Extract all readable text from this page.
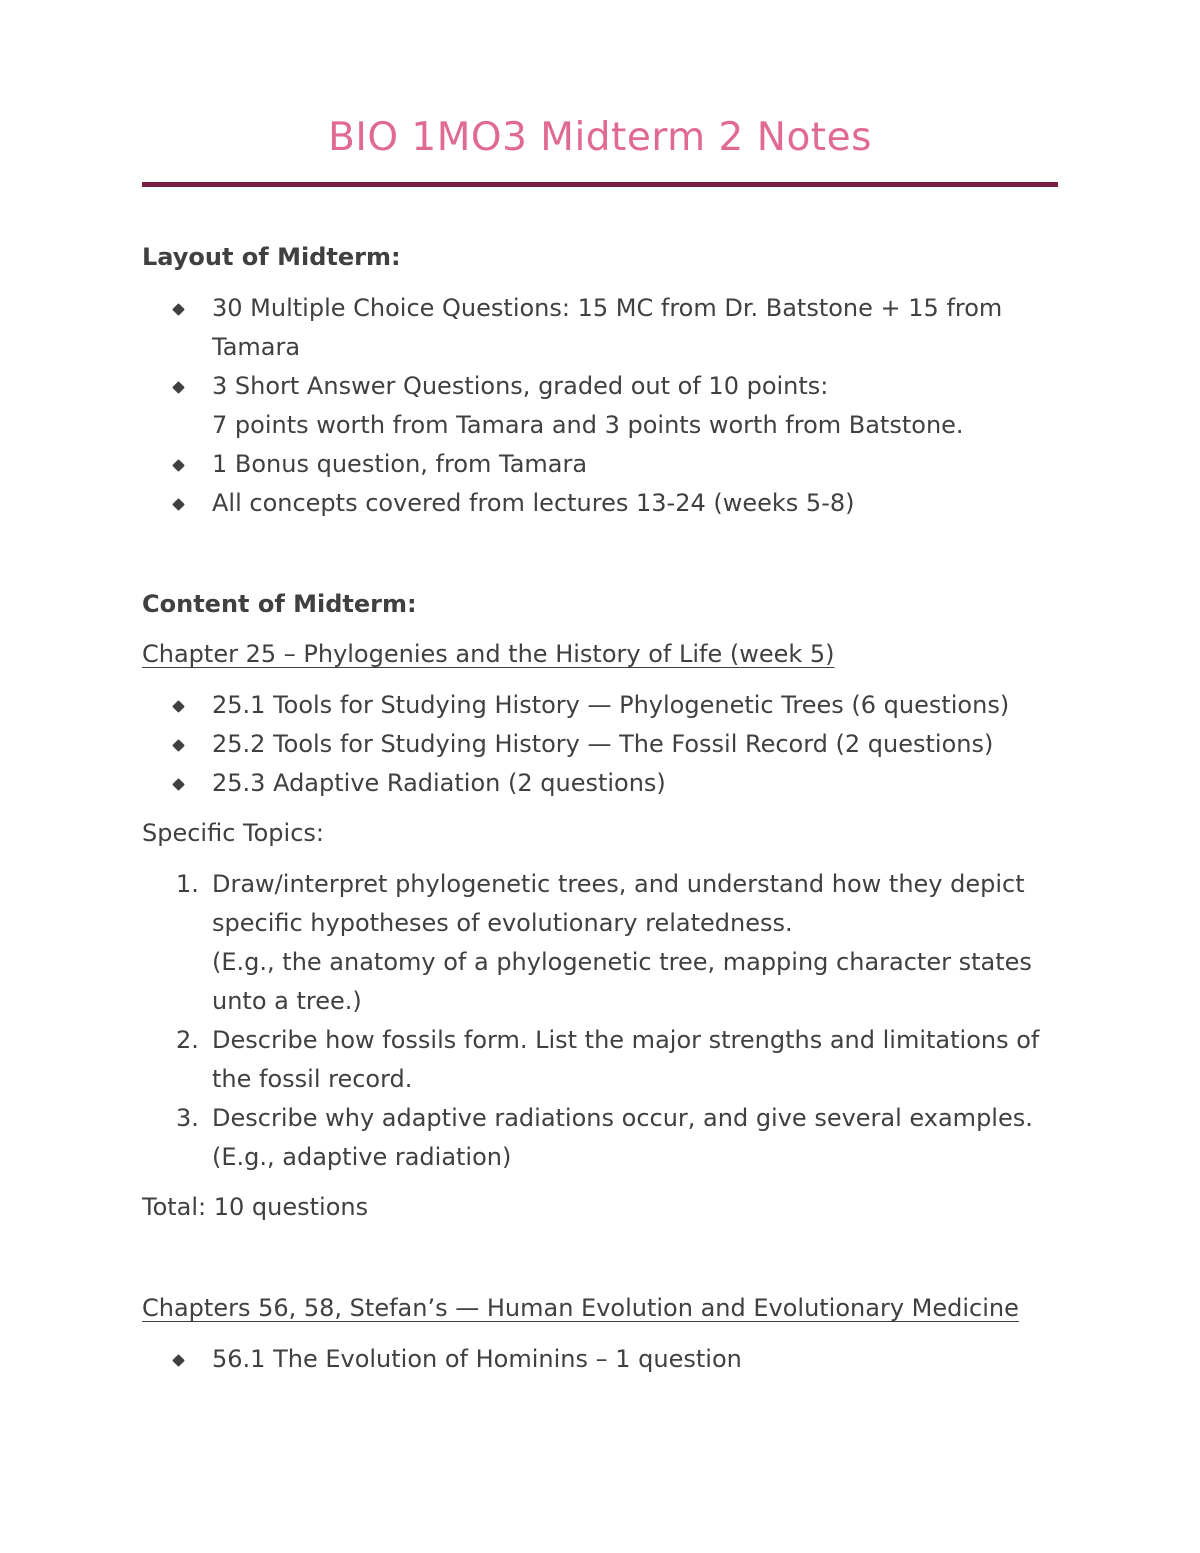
BIO 1MO3 Midterm 2 Notes

Layout of Midterm:

30 Multiple Choice Questions: 15 MC from Dr. Batstone + 15 from
Tamara
3 Short Answer Questions, graded out of 10 points:
7 points worth from Tamara and 3 points worth from Batstone.
1 Bonus question, from Tamara
All concepts covered from lectures 13-24 (weeks 5-8)

Content of Midterm:

Chapter 25 – Phylogenies and the History of Life (week 5)

25.1 Tools for Studying History — Phylogenetic Trees (6 questions)
25.2 Tools for Studying History — The Fossil Record (2 questions)
25.3 Adaptive Radiation (2 questions)

Specific Topics:

1. Draw/interpret phylogenetic trees, and understand how they depict
specific hypotheses of evolutionary relatedness.
(E.g., the anatomy of a phylogenetic tree, mapping character states
unto a tree.)
2. Describe how fossils form. List the major strengths and limitations of
the fossil record.
3. Describe why adaptive radiations occur, and give several examples.
(E.g., adaptive radiation)

Total: 10 questions

Chapters 56, 58, Stefan’s — Human Evolution and Evolutionary Medicine

56.1 The Evolution of Hominins – 1 question
